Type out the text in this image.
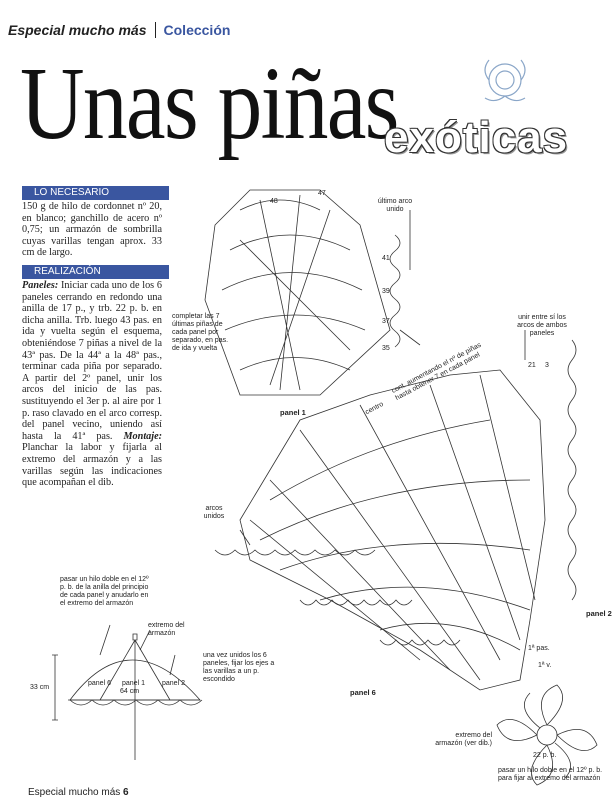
Especial mucho más Colección
Unas piñas
exóticas
LO NECESARIO
150 g de hilo de cordonnet nº 20, en blanco; ganchillo de acero nº 0,75; un armazón de sombrilla cuyas varillas tengan aprox. 33 cm de largo.
REALIZACIÓN
Paneles: Iniciar cada uno de los 6 paneles cerrando en redondo una anilla de 17 p., y trb. 22 p. b. en dicha anilla. Trb. luego 43 pas. en ida y vuelta según el esquema, obteniéndose 7 piñas a nivel de la 43ª pas. De la 44ª a la 48ª pas., terminar cada piña por separado. A partir del 2º panel, unir los arcos del inicio de las pas. sustituyendo el 3er p. al aire por 1 p. raso clavado en el arco corresp. del panel vecino, uniendo así hasta la 41ª pas. Montaje: Planchar la labor y fijarla al extremo del armazón y a las varillas según las indicaciones que acompañan el dib.
último arco unido
completar las 7 últimas piñas de cada panel por separado, en pas. de ida y vuelta
unir entre sí los arcos de ambos paneles
panel 1
panel 2
panel 6
centro
cont. aumentando el nº de piñas hasta obtener 7 en cada panel
arcos unidos
1ª pas.
1ª v.
22 p. b.
extremo del armazón (ver dib.)
pasar un hilo doble en el 12º p. b. para fijar al extremo del armazón
48
47
41
39
37
35
21 3
pasar un hilo doble en el 12º p. b. de la anilla del principio de cada panel y anudarlo en el extremo del armazón
extremo del armazón
una vez unidos los 6 paneles, fijar los ejes a las varillas a un p. escondido
33 cm
64 cm
panel 6 panel 1 panel 2
Especial mucho más 6
